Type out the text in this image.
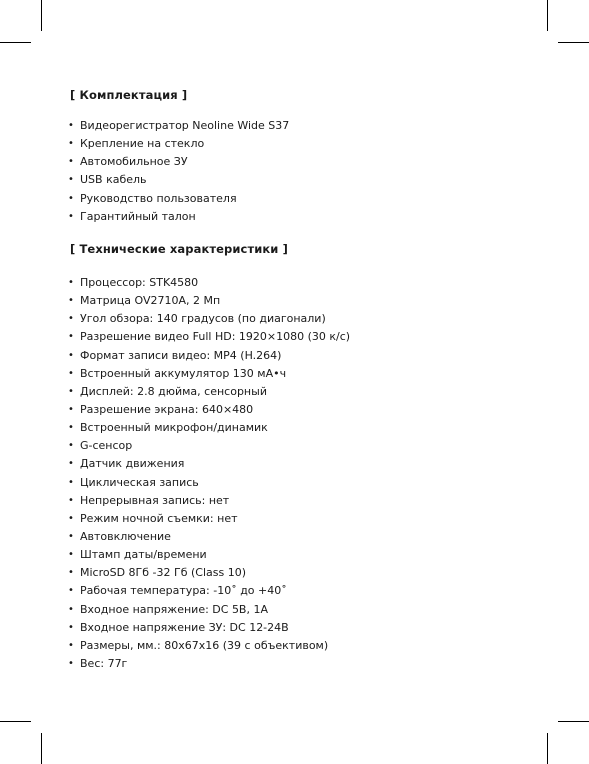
[ Комплектация ]
• Видеорегистратор Neoline Wide S37
• Крепление на стекло
• Автомобильное ЗУ
• USB кабель
• Руководство пользователя
• Гарантийный талон
[ Технические характеристики ]
• Процессор: STK4580
• Матрица OV2710A, 2 Мп
• Угол обзора: 140 градусов (по диагонали)
• Разрешение видео Full HD: 1920×1080 (30 к/с)
• Формат записи видео: MP4 (H.264)
• Встроенный аккумулятор 130 мА•ч
• Дисплей: 2.8 дюйма, сенсорный
• Разрешение экрана: 640×480
• Встроенный микрофон/динамик
• G-сенсор
• Датчик движения
• Циклическая запись
• Непрерывная запись: нет
• Режим ночной съемки: нет
• Автовключение
• Штамп даты/времени
• MicroSD 8Гб -32 Гб (Class 10)
• Рабочая температура: -10˚ до +40˚
• Входное напряжение: DC 5В, 1А
• Входное напряжение ЗУ: DC 12-24В
• Размеры, мм.: 80x67x16 (39 с объективом)
• Вес: 77г
